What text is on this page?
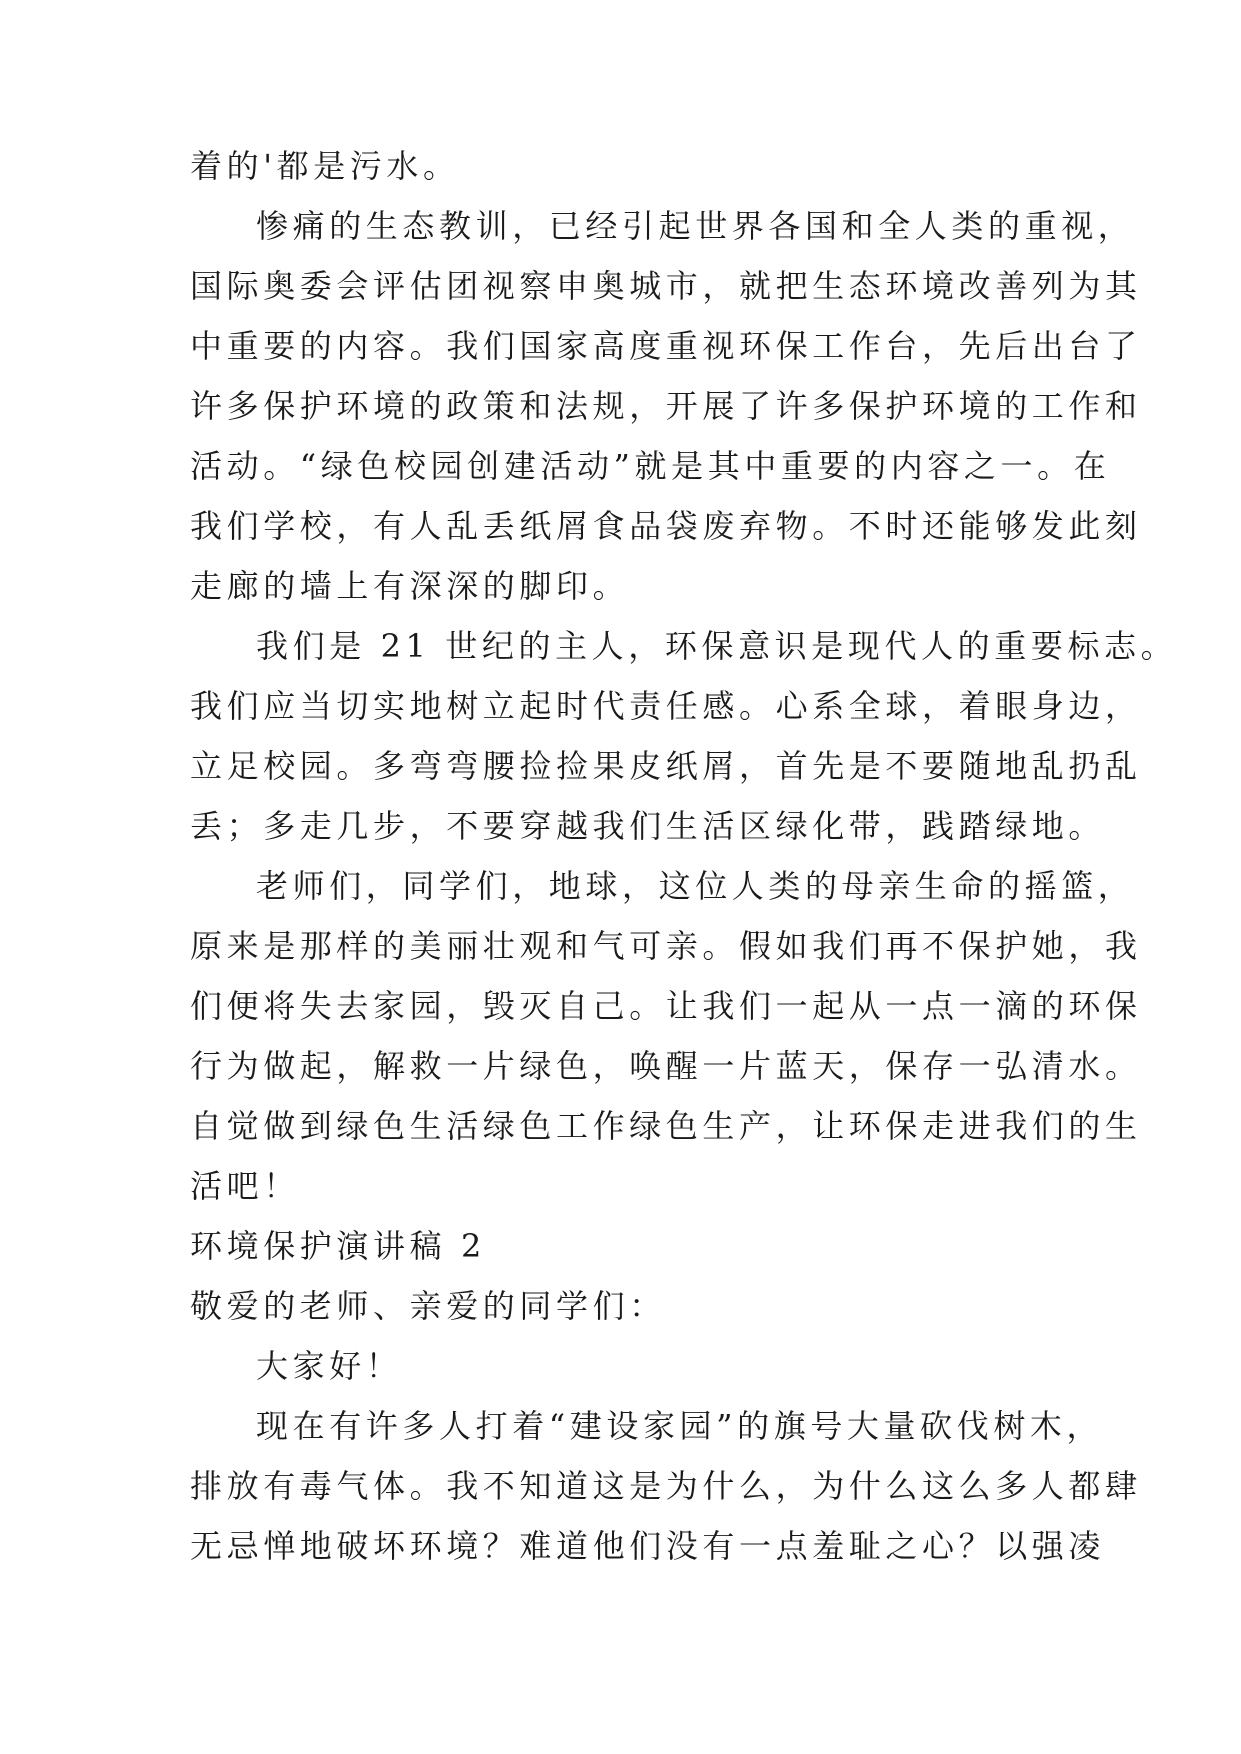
着的'都是污水。

惨痛的生态教训，已经引起世界各国和全人类的重视，

国际奥委会评估团视察申奥城市，就把生态环境改善列为其

中重要的内容。我们国家高度重视环保工作台，先后出台了

许多保护环境的政策和法规，开展了许多保护环境的工作和

活动。“绿色校园创建活动”就是其中重要的内容之一。在

我们学校，有人乱丢纸屑食品袋废弃物。不时还能够发此刻

走廊的墙上有深深的脚印。

我们是 21 世纪的主人，环保意识是现代人的重要标志。

我们应当切实地树立起时代责任感。心系全球，着眼身边，

立足校园。多弯弯腰捡捡果皮纸屑，首先是不要随地乱扔乱

丢；多走几步，不要穿越我们生活区绿化带，践踏绿地。

老师们，同学们，地球，这位人类的母亲生命的摇篮，

原来是那样的美丽壮观和气可亲。假如我们再不保护她，我

们便将失去家园，毁灭自己。让我们一起从一点一滴的环保

行为做起，解救一片绿色，唤醒一片蓝天，保存一弘清水。

自觉做到绿色生活绿色工作绿色生产，让环保走进我们的生

活吧！

环境保护演讲稿 2

敬爱的老师、亲爱的同学们：

大家好！

现在有许多人打着“建设家园”的旗号大量砍伐树木，

排放有毒气体。我不知道这是为什么，为什么这么多人都肆

无忌惮地破坏环境？难道他们没有一点羞耻之心？以强凌
